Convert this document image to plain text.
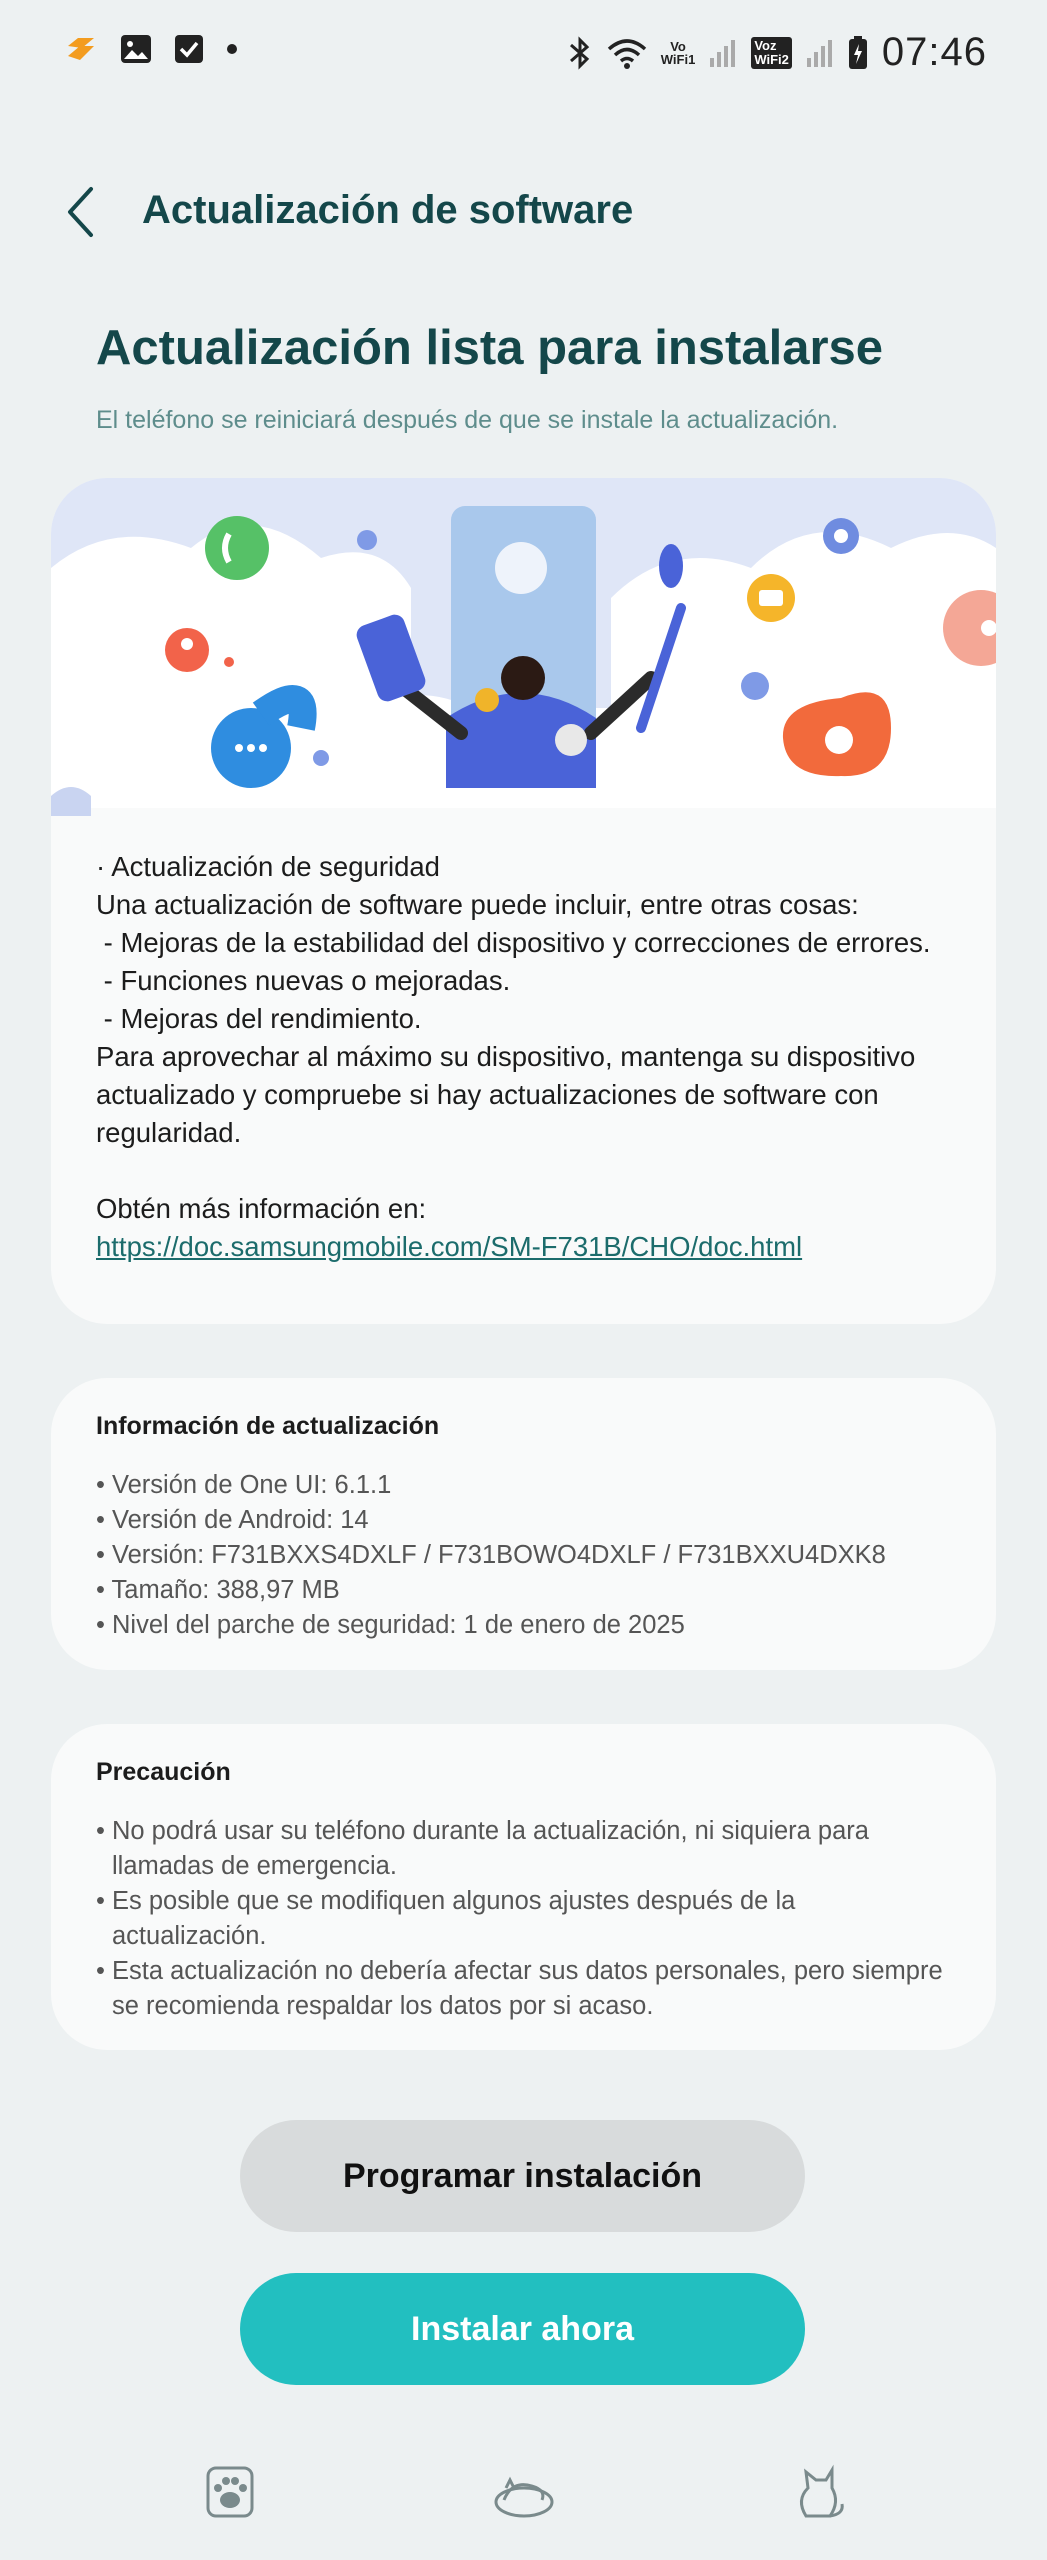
Vo
WiFi1
Voz
WiFi2 07:46
Actualización de software
Actualización lista para instalarse
El teléfono se reiniciará después de que se instale la actualización.
· Actualización de seguridad
Una actualización de software puede incluir, entre otras cosas:
- Mejoras de la estabilidad del dispositivo y correcciones de errores.
- Funciones nuevas o mejoradas.
- Mejoras del rendimiento.
Para aprovechar al máximo su dispositivo, mantenga su dispositivo
actualizado y compruebe si hay actualizaciones de software con
regularidad.
Obtén más información en:
https://doc.samsungmobile.com/SM-F731B/CHO/doc.html
Información de actualización
• Versión de One UI: 6.1.1
• Versión de Android: 14
• Versión: F731BXXS4DXLF / F731BOWO4DXLF / F731BXXU4DXK8
• Tamaño: 388,97 MB
• Nivel del parche de seguridad: 1 de enero de 2025
Precaución
• No podrá usar su teléfono durante la actualización, ni siquiera para llamadas de emergencia.
• Es posible que se modifiquen algunos ajustes después de la actualización.
• Esta actualización no debería afectar sus datos personales, pero siempre se recomienda respaldar los datos por si acaso.
Programar instalación
Instalar ahora
